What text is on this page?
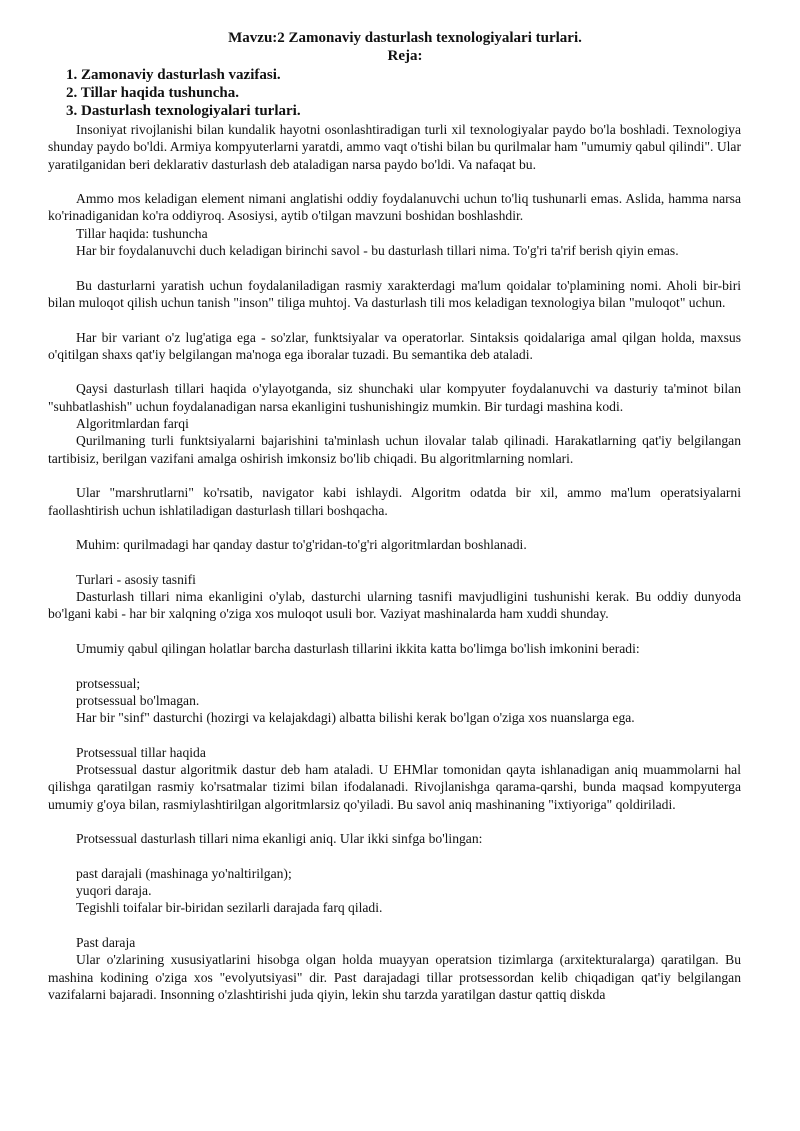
Mavzu:2 Zamonaviy dasturlash texnologiyalari turlari.
Reja:
1. Zamonaviy dasturlash vazifasi.
2. Tillar haqida tushuncha.
3. Dasturlash texnologiyalari turlari.

Insoniyat rivojlanishi bilan kundalik hayotni osonlashtiradigan turli xil texnologiyalar paydo bo'la boshladi. Texnologiya shunday paydo bo'ldi. Armiya kompyuterlarni yaratdi, ammo vaqt o'tishi bilan bu qurilmalar ham "umumiy qabul qilindi". Ular yaratilganidan beri deklarativ dasturlash deb ataladigan narsa paydo bo'ldi. Va nafaqat bu.

Ammo mos keladigan element nimani anglatishi oddiy foydalanuvchi uchun to'liq tushunarli emas. Aslida, hamma narsa ko'rinadiganidan ko'ra oddiyroq. Asosiysi, aytib o'tilgan mavzuni boshidan boshlashdir.

Tillar haqida: tushuncha

Har bir foydalanuvchi duch keladigan birinchi savol - bu dasturlash tillari nima. To'g'ri ta'rif berish qiyin emas.

Bu dasturlarni yaratish uchun foydalaniladigan rasmiy xarakterdagi ma'lum qoidalar to'plamining nomi. Aholi bir-biri bilan muloqot qilish uchun tanish "inson" tiliga muhtoj. Va dasturlash tili mos keladigan texnologiya bilan "muloqot" uchun.

Har bir variant o'z lug'atiga ega - so'zlar, funktsiyalar va operatorlar. Sintaksis qoidalariga amal qilgan holda, maxsus o'qitilgan shaxs qat'iy belgilangan ma'noga ega iboralar tuzadi. Bu semantika deb ataladi.

Qaysi dasturlash tillari haqida o'ylayotganda, siz shunchaki ular kompyuter foydalanuvchi va dasturiy ta'minot bilan "suhbatlashish" uchun foydalanadigan narsa ekanligini tushunishingiz mumkin. Bir turdagi mashina kodi.

Algoritmlardan farqi

Qurilmaning turli funktsiyalarni bajarishini ta'minlash uchun ilovalar talab qilinadi. Harakatlarning qat'iy belgilangan tartibisiz, berilgan vazifani amalga oshirish imkonsiz bo'lib chiqadi. Bu algoritmlarning nomlari.

Ular "marshrutlarni" ko'rsatib, navigator kabi ishlaydi. Algoritm odatda bir xil, ammo ma'lum operatsiyalarni faollashtirish uchun ishlatiladigan dasturlash tillari boshqacha.

Muhim: qurilmadagi har qanday dastur to'g'ridan-to'g'ri algoritmlardan boshlanadi.

Turlari - asosiy tasnifi

Dasturlash tillari nima ekanligini o'ylab, dasturchi ularning tasnifi mavjudligini tushunishi kerak. Bu oddiy dunyoda bo'lgani kabi - har bir xalqning o'ziga xos muloqot usuli bor. Vaziyat mashinalarda ham xuddi shunday.

Umumiy qabul qilingan holatlar barcha dasturlash tillarini ikkita katta bo'limga bo'lish imkonini beradi:

protsessual;

protsessual bo'lmagan.

Har bir "sinf" dasturchi (hozirgi va kelajakdagi) albatta bilishi kerak bo'lgan o'ziga xos nuanslarga ega.

Protsessual tillar haqida

Protsessual dastur algoritmik dastur deb ham ataladi. U EHMlar tomonidan qayta ishlanadigan aniq muammolarni hal qilishga qaratilgan rasmiy ko'rsatmalar tizimi bilan ifodalanadi. Rivojlanishga qarama-qarshi, bunda maqsad kompyuterga umumiy g'oya bilan, rasmiylashtirilgan algoritmlarsiz qo'yiladi. Bu savol aniq mashinaning "ixtiyoriga" qoldiriladi.

Protsessual dasturlash tillari nima ekanligi aniq. Ular ikki sinfga bo'lingan:

past darajali (mashinaga yo'naltirilgan);

yuqori daraja.

Tegishli toifalar bir-biridan sezilarli darajada farq qiladi.

Past daraja

Ular o'zlarining xususiyatlarini hisobga olgan holda muayyan operatsion tizimlarga (arxitekturalarga) qaratilgan. Bu mashina kodining o'ziga xos "evolyutsiyasi" dir. Past darajadagi tillar protsessordan kelib chiqadigan qat'iy belgilangan vazifalarni bajaradi. Insonning o'zlashtirishi juda qiyin, lekin shu tarzda yaratilgan dastur qattiq diskda
